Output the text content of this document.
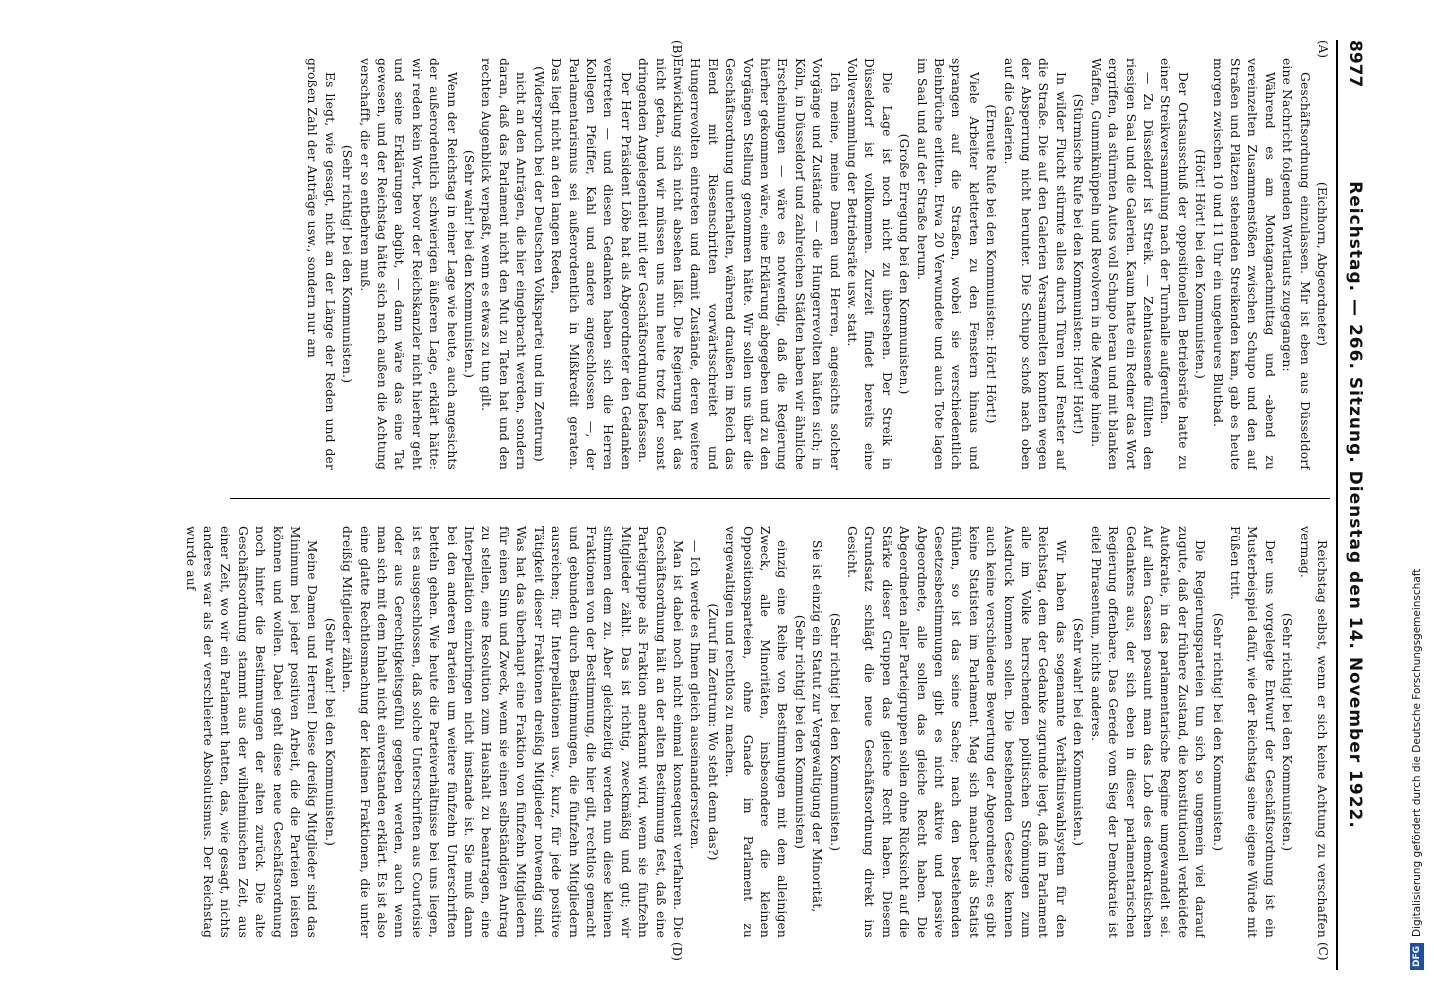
8977
Reichstag. — 266. Sitzung. Dienstag den 14. November 1922.
(A)
(B)
(C)
(D)

(Eichhorn, Abgeordneter)

Geschäftsordnung einzulassen. Mir ist eben aus Düsseldorf eine Nachricht folgenden Wortlauts zugegangen:

Während es am Montagnachmittag und -abend zu vereinzelten Zusammenstößen zwischen Schupo und den auf Straßen und Plätzen stehenden Streikenden kam, gab es heute morgen zwischen 10 und 11 Uhr ein ungeheures Blutbad.

(Hört! Hört! bei den Kommunisten.)

Der Ortsausschuß der oppositionellen Betriebsräte hatte zu einer Streikversammlung nach der Turnhalle aufgerufen.

— Zu Düsseldorf ist Streik. — Zehntausende füllten den riesigen Saal und die Galerien. Kaum hatte ein Redner das Wort ergriffen, da stürmten Autos voll Schupo heran und mit blanken Waffen, Gummiknüppeln und Revolvern in die Menge hinein.

(Stürmische Rufe bei den Kommunisten: Hört! Hört!)

In wilder Flucht stürmte alles durch Türen und Fenster auf die Straße. Die auf den Galerien Versammelten konnten wegen der Absperrung nicht herunter. Die Schupo schoß nach oben auf die Galerien.

(Erneute Rufe bei den Kommunisten: Hört! Hört!)

Viele Arbeiter kletterten zu den Fenstern hinaus und sprangen auf die Straßen, wobei sie verschiedentlich Beinbrüche erlitten. Etwa 20 Verwundete und auch Tote lagen im Saal und auf der Straße herum.

(Große Erregung bei den Kommunisten.)

Die Lage ist noch nicht zu übersehen. Der Streik in Düsseldorf ist vollkommen. Zurzeit findet bereits eine Vollversammlung der Betriebsräte usw. statt.

Ich meine, meine Damen und Herren, angesichts solcher Vorgänge und Zustände — die Hungerrevolten häufen sich; in Köln, in Düsseldorf und zahlreichen Städten haben wir ähnliche Erscheinungen — wäre es notwendig, daß die Regierung hierher gekommen wäre, eine Erklärung abgegeben und zu den Vorgängen Stellung genommen hätte. Wir sollen uns über die Geschäftsordnung unterhalten, während draußen im Reich das Elend mit Riesenschritten vorwärtsschreitet und Hungerrevolten eintreten und damit Zustände, deren weitere Entwicklung sich nicht absehen läßt. Die Regierung hat das nicht getan, und wir müssen uns nun heute trotz der sonst dringenden Angelegenheit mit der Geschäftsordnung befassen.

Der Herr Präsident Löbe hat als Abgeordneter den Gedanken vertreten — und diesen Gedanken haben sich die Herren Kollegen Pfeiffer, Kahl und andere angeschlossen —, der Parlamentarismus sei außerordentlich in Mißkredit geraten. Das liegt nicht an den langen Reden,

(Widerspruch bei der Deutschen Volkspartei und im Zentrum)

nicht an den Anträgen, die hier eingebracht werden, sondern daran, daß das Parlament nicht den Mut zu Taten hat und den rechten Augenblick verpaßt, wenn es etwas zu tun gilt.

(Sehr wahr! bei den Kommunisten.)

Wenn der Reichstag in einer Lage wie heute, auch angesichts der außerordentlich schwierigen äußeren Lage, erklärt hätte: wir reden kein Wort, bevor der Reichskanzler nicht hierher geht und seine Erklärungen abgibt, — dann wäre das eine Tat gewesen, und der Reichstag hätte sich nach außen die Achtung verschafft, die er so entbehren muß.

(Sehr richtig! bei den Kommunisten.)

Es liegt, wie gesagt, nicht an der Länge der Reden und der großen Zahl der Anträge usw., sondern nur am

Reichstag selbst, wenn er sich keine Achtung zu verschaffen vermag.

(Sehr richtig! bei den Kommunisten.)

Der uns vorgelegte Entwurf der Geschäftsordnung ist ein Musterbeispiel dafür, wie der Reichstag seine eigene Würde mit Füßen tritt.

(Sehr richtig! bei den Kommunisten.)

Die Regierungsparteien tun sich so ungemein viel darauf zugute, daß der frühere Zustand, die konstitutionell verkleidete Autokratie, in das parlamentarische Regime umgewandelt sei. Auf allen Gassen posaunt man das Lob des demokratischen Gedankens aus, der sich eben in dieser parlamentarischen Regierung offenbare. Das Gerede vom Sieg der Demokratie ist eitel Phrasentum, nichts anderes.

(Sehr wahr! bei den Kommunisten.)

Wir haben das sogenannte Verhältniswahlsystem für den Reichstag, dem der Gedanke zugrunde liegt, daß im Parlament alle im Volke herrschenden politischen Strömungen zum Ausdruck kommen sollen. Die bestehenden Gesetze kennen auch keine verschiedene Bewertung der Abgeordneten; es gibt keine Statisten im Parlament. Mag sich mancher als Statist fühlen, so ist das seine Sache; nach den bestehenden Gesetzesbestimmungen gibt es nicht aktive und passive Abgeordnete, alle sollen das gleiche Recht haben. Die Abgeordneten aller Parteigruppen sollen ohne Rücksicht auf die Stärke dieser Gruppen das gleiche Recht haben. Diesem Grundsatz schlägt die neue Geschäftsordnung direkt ins Gesicht.

(Sehr richtig! bei den Kommunisten.)

Sie ist einzig ein Statut zur Vergewaltigung der Minorität,

(Sehr richtig! bei den Kommunisten)

einzig eine Reihe von Bestimmungen mit dem alleinigen Zweck, alle Minoritäten, insbesondere die kleinen Oppositionsparteien, ohne Gnade im Parlament zu vergewaltigen und rechtlos zu machen.

(Zuruf im Zentrum: Wo steht denn das?)

— Ich werde es Ihnen gleich auseinandersetzen.

Man ist dabei noch nicht einmal konsequent verfahren. Die Geschäftsordnung hält an der alten Bestimmung fest, daß eine Parteigruppe als Fraktion anerkannt wird, wenn sie fünfzehn Mitglieder zählt. Das ist richtig, zweckmäßig und gut; wir stimmen dem zu. Aber gleichzeitig werden nun diese kleinen Fraktionen von der Bestimmung, die hier gilt, rechtlos gemacht und gebunden durch Bestimmungen, die fünfzehn Mitgliedern ausreichen; für Interpellationen usw., kurz, für jede positive Tätigkeit dieser Fraktionen dreißig Mitglieder notwendig sind. Was hat das überhaupt eine Fraktion von fünfzehn Mitgliedern für einen Sinn und Zweck, wenn sie einen selbständigen Antrag zu stellen, eine Resolution zum Haushalt zu beantragen, eine Interpellation einzubringen nicht imstande ist. Sie muß dann bei den anderen Parteien um weitere fünfzehn Unterschriften betteln gehen. Wie heute die Parteiverhältnisse bei uns liegen, ist es ausgeschlossen, daß solche Unterschriften aus Courtoisie oder aus Gerechtigkeitsgefühl gegeben werden, auch wenn man sich mit dem Inhalt nicht einverstanden erklärt. Es ist also eine glatte Rechtlosmachung der kleinen Fraktionen, die unter dreißig Mitglieder zählen.

(Sehr wahr! bei den Kommunisten.)

Meine Damen und Herren! Diese dreißig Mitglieder sind das Minimum bei jeder positiven Arbeit, die die Parteien leisten können und wollen. Dabei geht diese neue Geschäftsordnung noch hinter die Bestimmungen der alten zurück. Die alte Geschäftsordnung stammt aus der wilhelminischen Zeit, aus einer Zeit, wo wir ein Parlament hatten, das, wie gesagt, nichts anderes war als der verschleierte Absolutismus. Der Reichstag wurde auf

DFG
Digitalisierung gefördert durch die Deutsche Forschungsgemeinschaft
